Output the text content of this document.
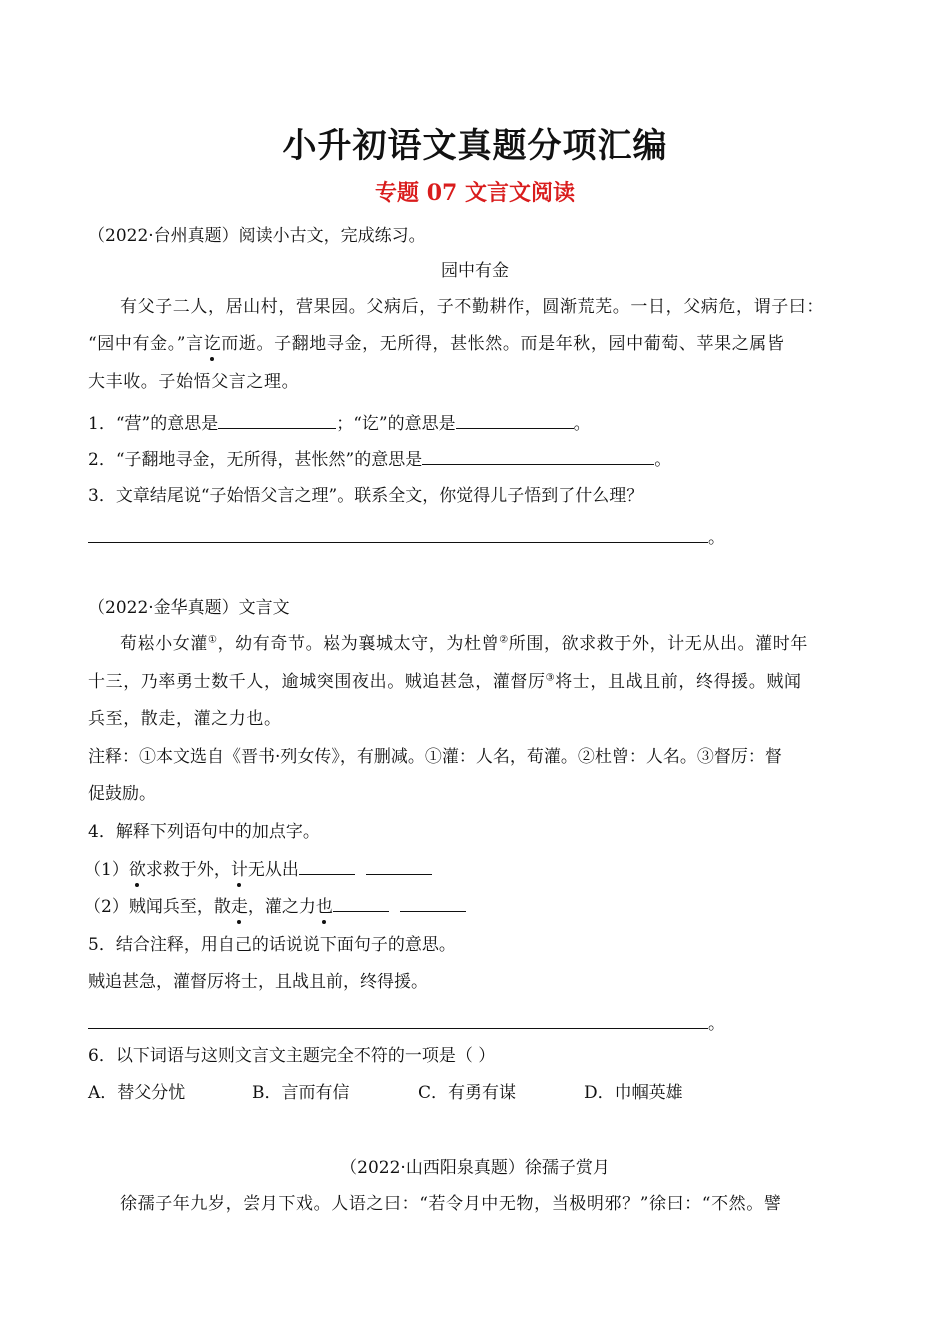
小升初语文真题分项汇编
专题 07 文言文阅读

（2022·台州真题）阅读小古文，完成练习。

园中有金

有父子二人，居山村，营果园。父病后，子不勤耕作，圆渐荒芜。一日，父病危，谓子曰：

“园中有金。”言讫而逝。子翻地寻金，无所得，甚怅然。而是年秋，园中葡萄、苹果之属皆

大丰收。子始悟父言之理。

1．“营”的意思是	；“讫”的意思是	。

2．“子翻地寻金，无所得，甚怅然”的意思是	。

3．文章结尾说“子始悟父言之理”。联系全文，你觉得儿子悟到了什么理？

。

（2022·金华真题）文言文

荀崧小女灌①，幼有奇节。崧为襄城太守，为杜曾②所围，欲求救于外，计无从出。灌时年

十三，乃率勇士数千人，逾城突围夜出。贼追甚急，灌督厉③将士，且战且前，终得援。贼闻

兵至，散走，灌之力也。

注释：①本文选自《晋书·列女传》，有删减。①灌：人名，荀灌。②杜曾：人名。③督厉：督

促鼓励。

4．解释下列语句中的加点字。

（1）欲求救于外，计无从出

（2）贼闻兵至，散走，灌之力也

5．结合注释，用自己的话说说下面句子的意思。

贼追甚急，灌督厉将士，且战且前，终得援。

。

6．以下词语与这则文言文主题完全不符的一项是（ ）

A．替父分忧	B．言而有信	C．有勇有谋	D．巾帼英雄

（2022·山西阳泉真题）徐孺子赏月

徐孺子年九岁，尝月下戏。人语之曰：“若令月中无物，当极明邪？”徐曰：“不然。譬
